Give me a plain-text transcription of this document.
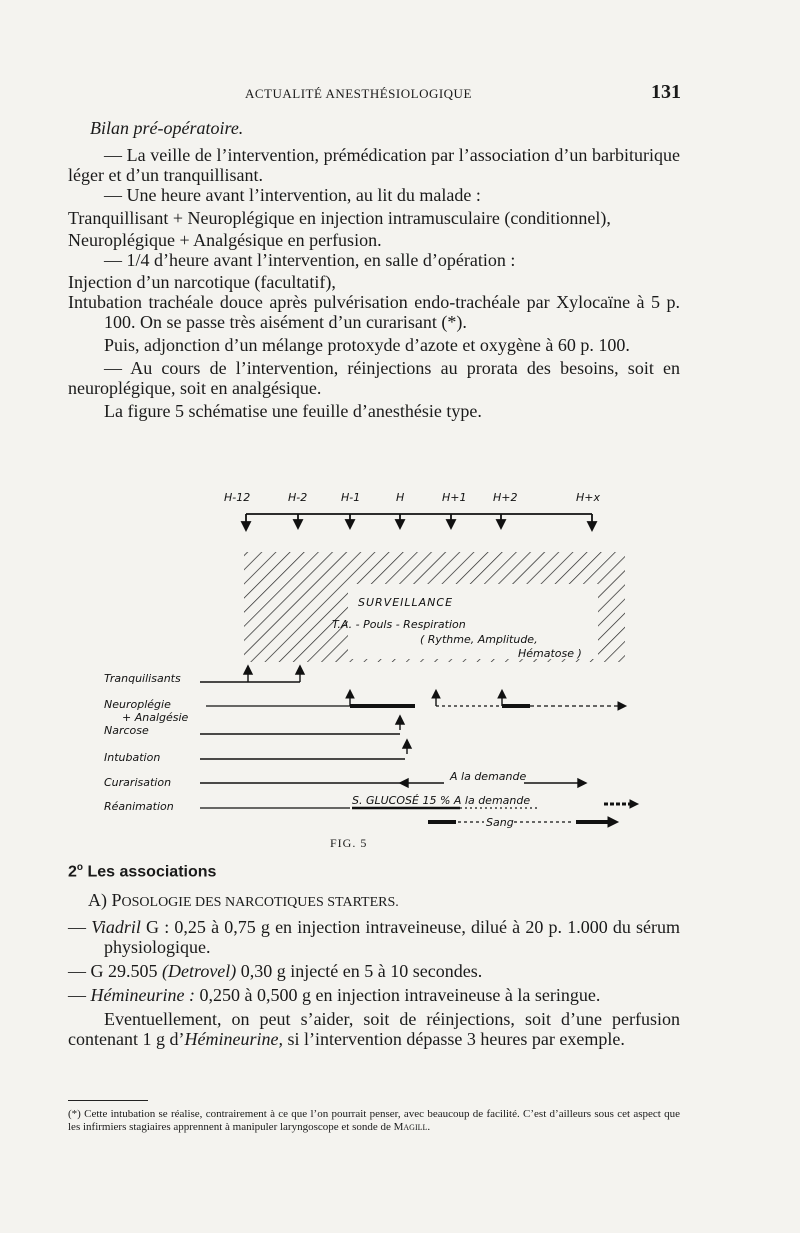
ACTUALITÉ ANESTHÉSIOLOGIQUE	131

Bilan pré-opératoire.

— La veille de l’intervention, prémédication par l’association d’un barbiturique léger et d’un tranquillisant.

— Une heure avant l’intervention, au lit du malade :

Tranquillisant + Neuroplégique en injection intramusculaire (conditionnel),

Neuroplégique + Analgésique en perfusion.

— 1/4 d’heure avant l’intervention, en salle d’opération :

Injection d’un narcotique (facultatif),

Intubation trachéale douce après pulvérisation endo-trachéale par Xylocaïne à 5 p. 100. On se passe très aisément d’un curarisant (*).

Puis, adjonction d’un mélange protoxyde d’azote et oxygène à 60 p. 100.

— Au cours de l’intervention, réinjections au prorata des besoins, soit en neuroplégique, soit en analgésique.

La figure 5 schématise une feuille d’anesthésie type.

H-12	H-2	H-1	H	H+1 H+2	H+x
SURVEILLANCE
T.A. - Pouls - Respiration
( Rythme, Amplitude,
Hématose )
Tranquilisants
Neuroplégie
+ Analgésie
Narcose
Intubation
Curarisation
Réanimation
A la demande
S. GLUCOSÉ 15 % A la demande
Sang
FIG. 5
2$^o$ Les associations

A) POSOLOGIE DES NARCOTIQUES STARTERS.

— Viadril G : 0,25 à 0,75 g en injection intraveineuse, dilué à 20 p. 1.000 du sérum physiologique.

— G 29.505 (Detrovel) 0,30 g injecté en 5 à 10 secondes.

— Hémineurine : 0,250 à 0,500 g en injection intraveineuse à la seringue.

Eventuellement, on peut s’aider, soit de réinjections, soit d’une perfusion contenant 1 g d’Hémineurine, si l’intervention dépasse 3 heures par exemple.

(*) Cette intubation se réalise, contrairement à ce que l’on pourrait penser, avec beaucoup de facilité. C’est d’ailleurs sous cet aspect que les infirmiers stagiaires apprennent à manipuler laryngoscope et sonde de Magill.
